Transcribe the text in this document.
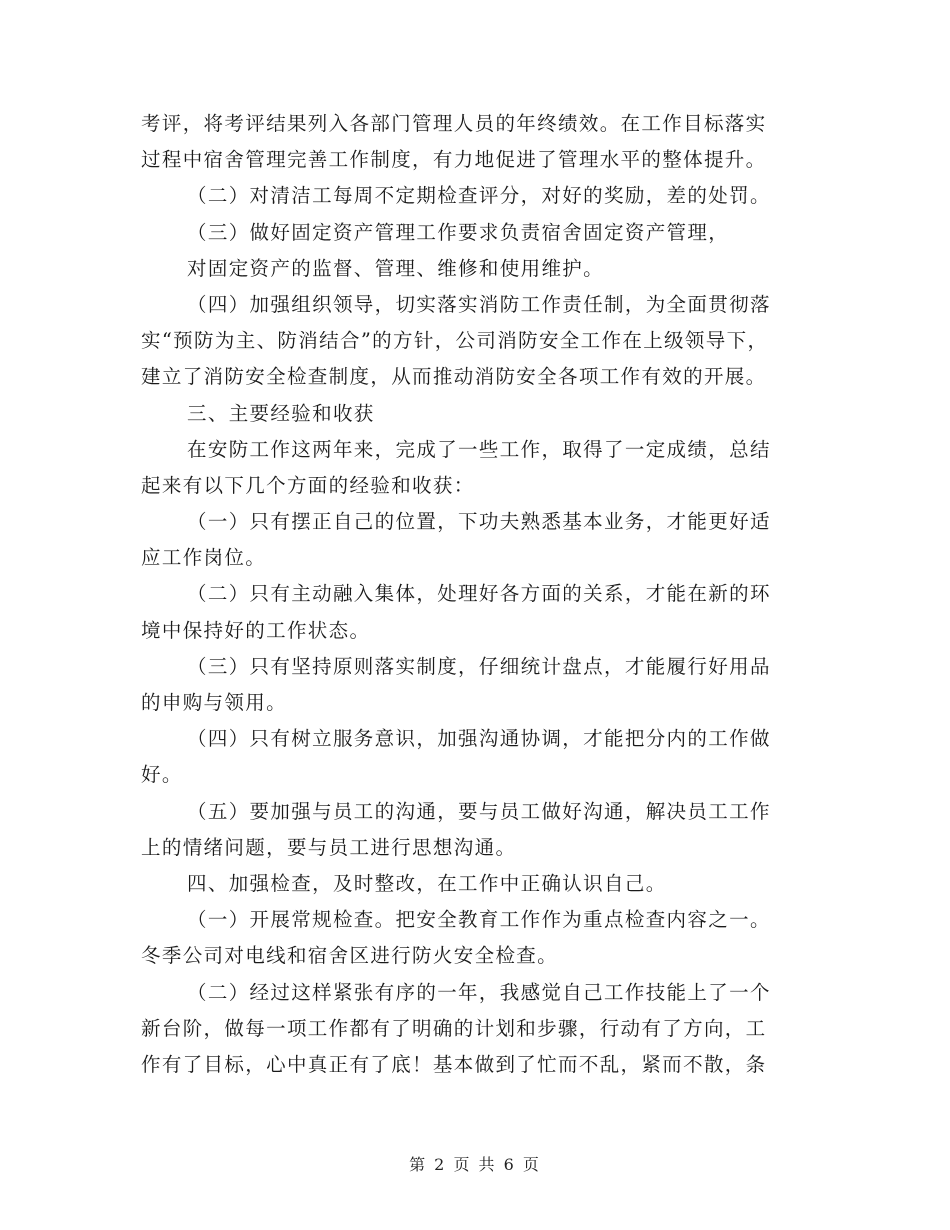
考评，将考评结果列入各部门管理人员的年终绩效。在工作目标落实
过程中宿舍管理完善工作制度，有力地促进了管理水平的整体提升。
（二）对清洁工每周不定期检查评分，对好的奖励，差的处罚。
（三）做好固定资产管理工作要求负责宿舍固定资产管理，
对固定资产的监督、管理、维修和使用维护。
（四）加强组织领导，切实落实消防工作责任制，为全面贯彻落
实“预防为主、防消结合”的方针，公司消防安全工作在上级领导下，
建立了消防安全检查制度，从而推动消防安全各项工作有效的开展。
三、主要经验和收获
在安防工作这两年来，完成了一些工作，取得了一定成绩，总结
起来有以下几个方面的经验和收获：
（一）只有摆正自己的位置，下功夫熟悉基本业务，才能更好适
应工作岗位。
（二）只有主动融入集体，处理好各方面的关系，才能在新的环
境中保持好的工作状态。
（三）只有坚持原则落实制度，仔细统计盘点，才能履行好用品
的申购与领用。
（四）只有树立服务意识，加强沟通协调，才能把分内的工作做
好。
（五）要加强与员工的沟通，要与员工做好沟通，解决员工工作
上的情绪问题，要与员工进行思想沟通。
四、加强检查，及时整改，在工作中正确认识自己。
（一）开展常规检查。把安全教育工作作为重点检查内容之一。
冬季公司对电线和宿舍区进行防火安全检查。
（二）经过这样紧张有序的一年，我感觉自己工作技能上了一个
新台阶，做每一项工作都有了明确的计划和步骤，行动有了方向，工
作有了目标，心中真正有了底！基本做到了忙而不乱，紧而不散，条
第 2 页 共 6 页
